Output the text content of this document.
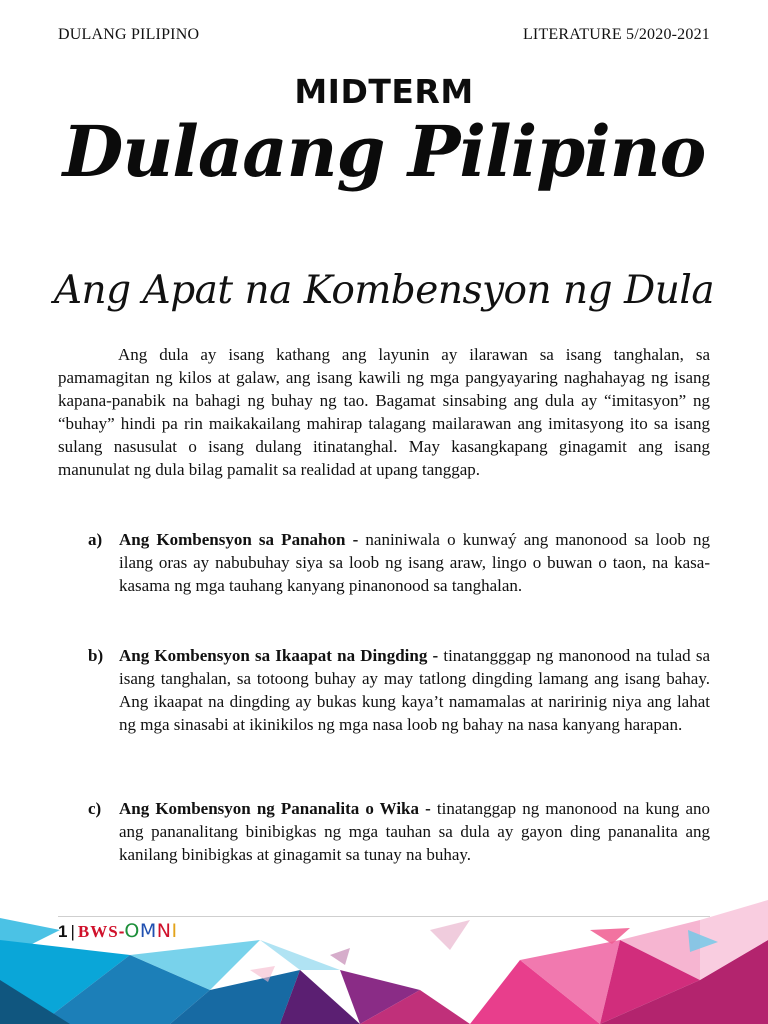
DULANG PILIPINO	LITERATURE 5/2020-2021
MIDTERM
Dulaang Pilipino
Ang Apat na Kombensyon ng Dula

Ang dula ay isang kathang ang layunin ay ilarawan sa isang tanghalan, sa pamamagitan ng kilos at galaw, ang isang kawili ng mga pangyayaring naghahayag ng isang kapana-panabik na bahagi ng buhay ng tao. Bagamat sinsabing ang dula ay “imitasyon” ng “buhay” hindi pa rin maikakailang mahirap talagang mailarawan ang imitasyong ito sa isang sulang nasusulat o isang dulang itinatanghal. May kasangkapang ginagamit ang isang manunulat ng dula bilag pamalit sa realidad at upang tanggap.

a) Ang Kombensyon sa Panahon - naniniwala o kunwaý ang manonood sa loob ng ilang oras ay nabubuhay siya sa loob ng isang araw, lingo o buwan o taon, na kasa-kasama ng mga tauhang kanyang pinanonood sa tanghalan.
b) Ang Kombensyon sa Ikaapat na Dingding - tinatangggap ng manonood na tulad sa isang tanghalan, sa totoong buhay ay may tatlong dingding lamang ang isang bahay. Ang ikaapat na dingding ay bukas kung kaya’t namamalas at naririnig niya ang lahat ng mga sinasabi at ikinikilos ng mga nasa loob ng bahay na nasa kanyang harapan.
c) Ang Kombensyon ng Pananalita o Wika - tinatanggap ng manonood na kung ano ang pananalitang binibigkas ng mga tauhan sa dula ay gayon ding pananalita ang kanilang binibigkas at ginagamit sa tunay na buhay.
1 | BWS-OMNI
